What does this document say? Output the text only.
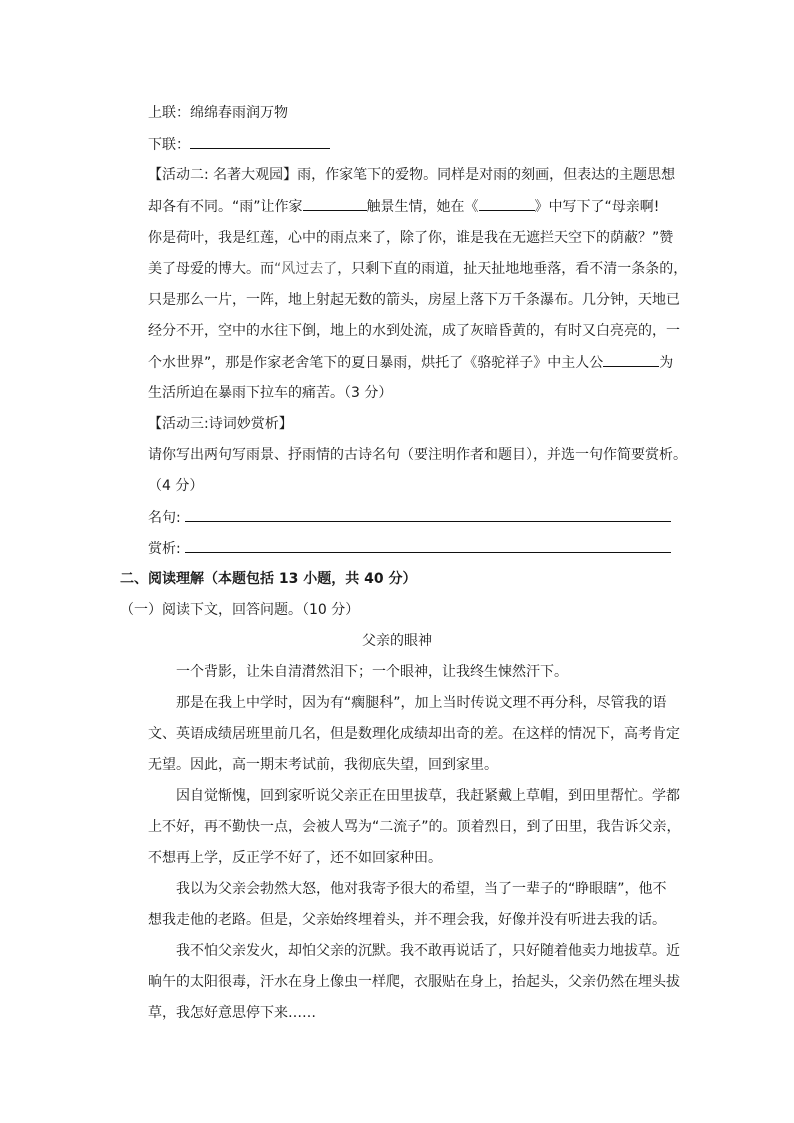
上联：绵绵春雨润万物
下联：
【活动二: 名著大观园】雨，作家笔下的爱物。同样是对雨的刻画，但表达的主题思想
却各有不同。“雨”让作家	触景生情，她在《	》中写下了“母亲啊!
你是荷叶，我是红莲，心中的雨点来了，除了你，谁是我在无遮拦天空下的荫蔽？”赞
美了母爱的博大。而“风过去了，只剩下直的雨道，扯天扯地地垂落，看不清一条条的，
只是那么一片，一阵，地上射起无数的箭头，房屋上落下万千条瀑布。几分钟，天地已
经分不开，空中的水往下倒，地上的水到处流，成了灰暗昏黄的，有时又白亮亮的，一
个水世界”，那是作家老舍笔下的夏日暴雨，烘托了《骆驼祥子》中主人公	为
生活所迫在暴雨下拉车的痛苦。（3 分）
【活动三:诗词妙赏析】
请你写出两句写雨景、抒雨情的古诗名句（要注明作者和题目），并选一句作简要赏析。
（4 分）
名句:
赏析:
二、阅读理解（本题包括 13 小题，共 40 分）
（一）阅读下文，回答问题。（10 分）
父亲的眼神
一个背影，让朱自清潸然泪下；一个眼神，让我终生悚然汗下。
那是在我上中学时，因为有“瘸腿科”，加上当时传说文理不再分科，尽管我的语
文、英语成绩居班里前几名，但是数理化成绩却出奇的差。在这样的情况下，高考肯定
无望。因此，高一期末考试前，我彻底失望，回到家里。
因自觉惭愧，回到家听说父亲正在田里拔草，我赶紧戴上草帽，到田里帮忙。学都
上不好，再不勤快一点，会被人骂为“二流子”的。顶着烈日，到了田里，我告诉父亲，
不想再上学，反正学不好了，还不如回家种田。
我以为父亲会勃然大怒，他对我寄予很大的希望，当了一辈子的“睁眼瞎”，他不
想我走他的老路。但是，父亲始终埋着头，并不理会我，好像并没有听进去我的话。
我不怕父亲发火，却怕父亲的沉默。我不敢再说话了，只好随着他卖力地拔草。近
晌午的太阳很毒，汗水在身上像虫一样爬，衣服贴在身上，抬起头，父亲仍然在埋头拔
草，我怎好意思停下来……
